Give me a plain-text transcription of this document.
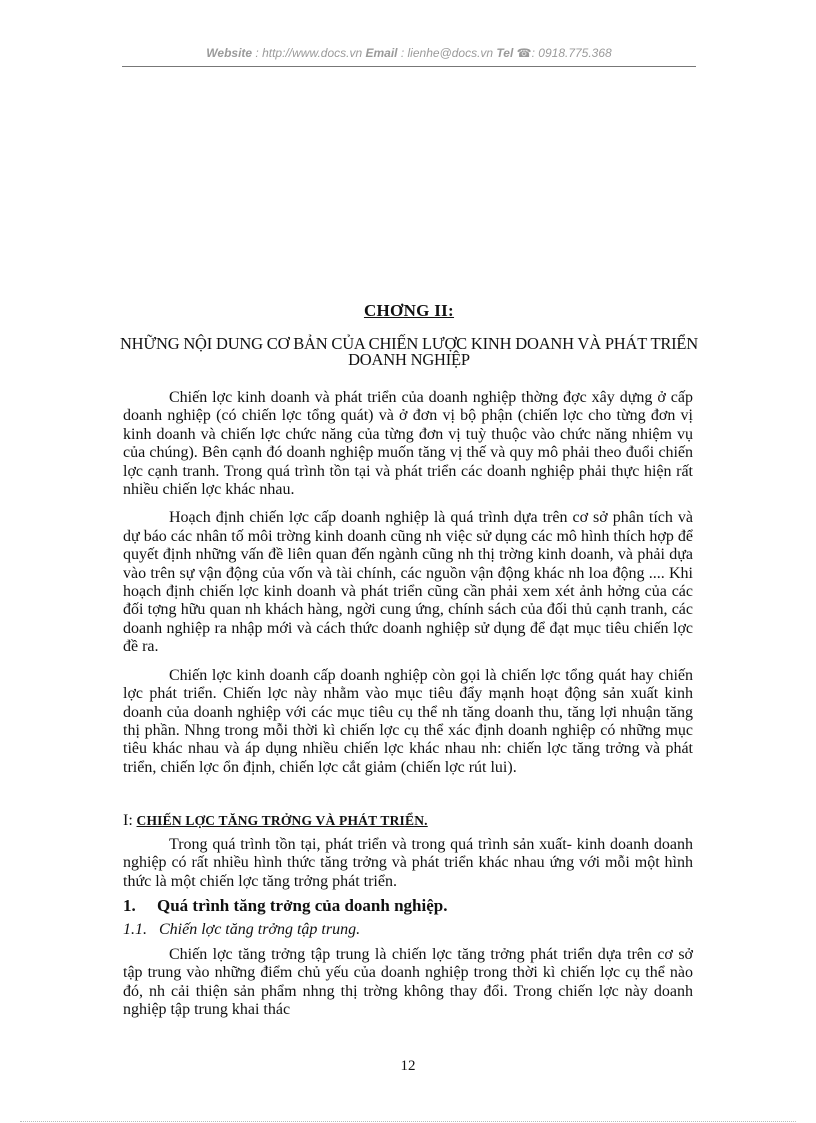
Website : http://www.docs.vn Email : lienhe@docs.vn Tel ☎: 0918.775.368
CHƠNG II:
NHỮNG NỘI DUNG CƠ BẢN CỦA CHIẾN LƯỢC KINH DOANH VÀ PHÁT TRIỂN DOANH NGHIỆP

Chiến lợc kinh doanh và phát triển của doanh nghiệp thờng đợc xây dựng ở cấp doanh nghiệp (có chiến lợc tổng quát) và ở đơn vị bộ phận (chiến lợc cho từng đơn vị kinh doanh và chiến lợc chức năng của từng đơn vị tuỳ thuộc vào chức năng nhiệm vụ của chúng). Bên cạnh đó doanh nghiệp muốn tăng vị thế và quy mô phải theo đuổi chiến lợc cạnh tranh. Trong quá trình tồn tại và phát triển các doanh nghiệp phải thực hiện rất nhiều chiến lợc khác nhau.

Hoạch định chiến lợc cấp doanh nghiệp là quá trình dựa trên cơ sở phân tích và dự báo các nhân tố môi trờng kinh doanh cũng nh việc sử dụng các mô hình thích hợp để quyết định những vấn đề liên quan đến ngành cũng nh thị trờng kinh doanh, và phải dựa vào trên sự vận động của vốn và tài chính, các nguồn vận động khác nh loa động .... Khi hoạch định chiến lợc kinh doanh và phát triển cũng cần phải xem xét ảnh hởng của các đối tợng hữu quan nh khách hàng, ngời cung ứng, chính sách của đối thủ cạnh tranh, các doanh nghiệp ra nhập mới và cách thức doanh nghiệp sử dụng để đạt mục tiêu chiến lợc đề ra.

Chiến lợc kinh doanh cấp doanh nghiệp còn gọi là chiến lợc tổng quát hay chiến lợc phát triển. Chiến lợc này nhằm vào mục tiêu đẩy mạnh hoạt động sản xuất kinh doanh của doanh nghiệp với các mục tiêu cụ thể nh tăng doanh thu, tăng lợi nhuận tăng thị phần. Nhng trong mỗi thời kì chiến lợc cụ thể xác định doanh nghiệp có những mục tiêu khác nhau và áp dụng nhiều chiến lợc khác nhau nh: chiến lợc tăng trởng và phát triển, chiến lợc ổn định, chiến lợc cắt giảm (chiến lợc rút lui).

I: CHIẾN LỢC TĂNG TRỞNG VÀ PHÁT TRIỂN.

Trong quá trình tồn tại, phát triển và trong quá trình sản xuất- kinh doanh doanh nghiệp có rất nhiều hình thức tăng trởng và phát triển khác nhau ứng với mỗi một hình thức là một chiến lợc tăng trởng phát triển.

1. Quá trình tăng trởng của doanh nghiệp.
1.1. Chiến lợc tăng trởng tập trung.

Chiến lợc tăng trởng tập trung là chiến lợc tăng trởng phát triển dựa trên cơ sở tập trung vào những điểm chủ yếu của doanh nghiệp trong thời kì chiến lợc cụ thể nào đó, nh cải thiện sản phẩm nhng thị trờng không thay đổi. Trong chiến lợc này doanh nghiệp tập trung khai thác

12
